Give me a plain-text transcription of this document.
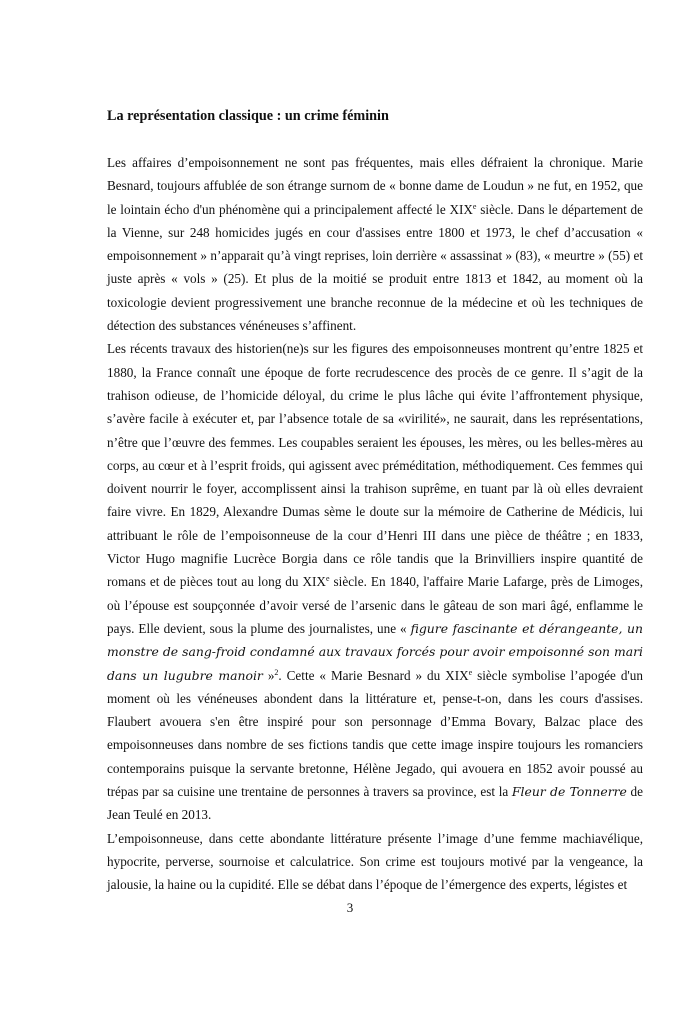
La représentation classique : un crime féminin

Les affaires d’empoisonnement ne sont pas fréquentes, mais elles défraient la chronique. Marie Besnard, toujours affublée de son étrange surnom de « bonne dame de Loudun » ne fut, en 1952, que le lointain écho d'un phénomène qui a principalement affecté le XIXe siècle. Dans le département de la Vienne, sur 248 homicides jugés en cour d'assises entre 1800 et 1973, le chef d’accusation « empoisonnement » n’apparait qu’à vingt reprises, loin derrière « assassinat » (83), « meurtre » (55) et juste après « vols » (25). Et plus de la moitié se produit entre 1813 et 1842, au moment où la toxicologie devient progressivement une branche reconnue de la médecine et où les techniques de détection des substances vénéneuses s’affinent.

Les récents travaux des historien(ne)s sur les figures des empoisonneuses montrent qu’entre 1825 et 1880, la France connaît une époque de forte recrudescence des procès de ce genre. Il s’agit de la trahison odieuse, de l’homicide déloyal, du crime le plus lâche qui évite l’affrontement physique, s’avère facile à exécuter et, par l’absence totale de sa «virilité», ne saurait, dans les représentations, n’être que l’œuvre des femmes. Les coupables seraient les épouses, les mères, ou les belles-mères au corps, au cœur et à l’esprit froids, qui agissent avec préméditation, méthodiquement. Ces femmes qui doivent nourrir le foyer, accomplissent ainsi la trahison suprême, en tuant par là où elles devraient faire vivre. En 1829, Alexandre Dumas sème le doute sur la mémoire de Catherine de Médicis, lui attribuant le rôle de l’empoisonneuse de la cour d’Henri III dans une pièce de théâtre ; en 1833, Victor Hugo magnifie Lucrèce Borgia dans ce rôle tandis que la Brinvilliers inspire quantité de romans et de pièces tout au long du XIXe siècle. En 1840, l'affaire Marie Lafarge, près de Limoges, où l’épouse est soupçonnée d’avoir versé de l’arsenic dans le gâteau de son mari âgé, enflamme le pays. Elle devient, sous la plume des journalistes, une « figure fascinante et dérangeante, un monstre de sang-froid condamné aux travaux forcés pour avoir empoisonné son mari dans un lugubre manoir »$^2$. Cette « Marie Besnard » du XIXe siècle symbolise l’apogée d'un moment où les vénéneuses abondent dans la littérature et, pense-t-on, dans les cours d'assises. Flaubert avouera s'en être inspiré pour son personnage d’Emma Bovary, Balzac place des empoisonneuses dans nombre de ses fictions tandis que cette image inspire toujours les romanciers contemporains puisque la servante bretonne, Hélène Jegado, qui avouera en 1852 avoir poussé au trépas par sa cuisine une trentaine de personnes à travers sa province, est la Fleur de Tonnerre de Jean Teulé en 2013.

L’empoisonneuse, dans cette abondante littérature présente l’image d’une femme machiavélique, hypocrite, perverse, sournoise et calculatrice. Son crime est toujours motivé par la vengeance, la jalousie, la haine ou la cupidité. Elle se débat dans l’époque de l’émergence des experts, légistes et

3
